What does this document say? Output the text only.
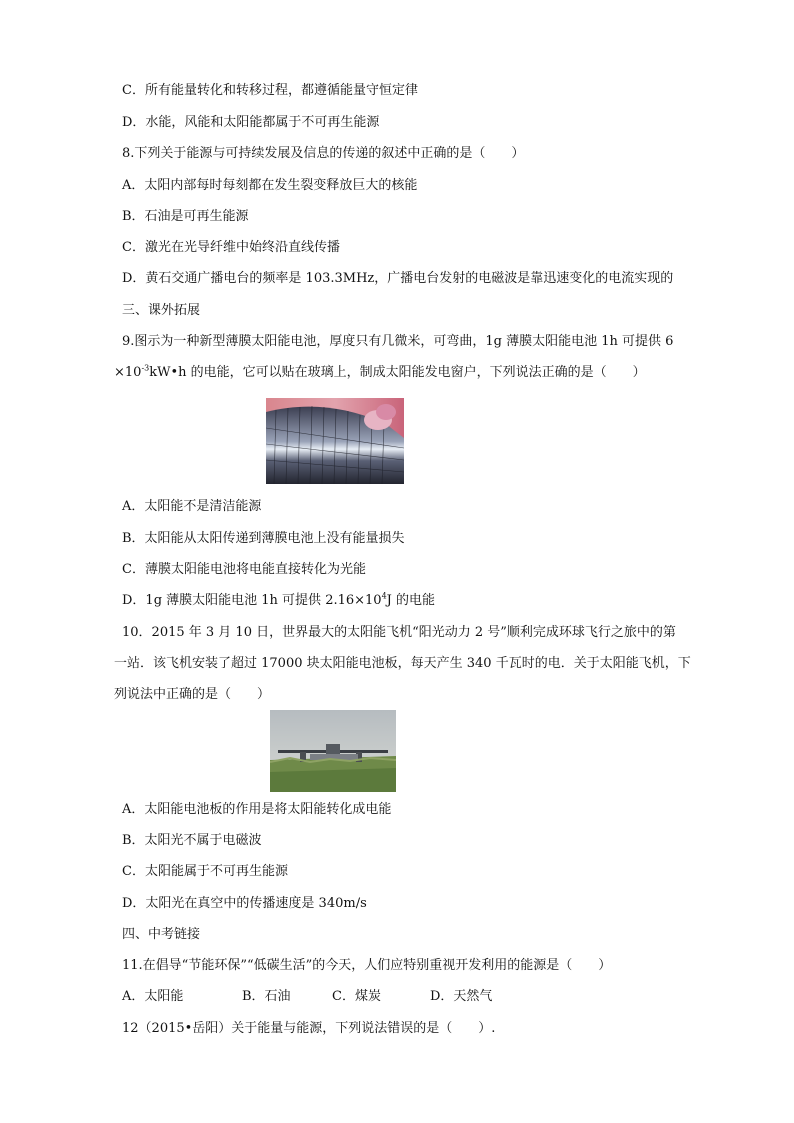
C．所有能量转化和转移过程，都遵循能量守恒定律
D．水能，风能和太阳能都属于不可再生能源
8.下列关于能源与可持续发展及信息的传递的叙述中正确的是（　　）
A．太阳内部每时每刻都在发生裂变释放巨大的核能
B．石油是可再生能源
C．激光在光导纤维中始终沿直线传播
D．黄石交通广播电台的频率是 103.3MHz，广播电台发射的电磁波是靠迅速变化的电流实现的
三、课外拓展
9.图示为一种新型薄膜太阳能电池，厚度只有几微米，可弯曲，1g 薄膜太阳能电池 1h 可提供 6
$\times 10^{-3}kW•h$ 的电能，它可以贴在玻璃上，制成太阳能发电窗户，下列说法正确的是（　　）
A．太阳能不是清洁能源
B．太阳能从太阳传递到薄膜电池上没有能量损失
C．薄膜太阳能电池将电能直接转化为光能
D．1g 薄膜太阳能电池 1h 可提供 $2.16\times 10^4J$ 的电能
10．2015 年 3 月 10 日，世界最大的太阳能飞机“阳光动力 2 号”顺利完成环球飞行之旅中的第
一站．该飞机安装了超过 17000 块太阳能电池板，每天产生 340 千瓦时的电．关于太阳能飞机，下
列说法中正确的是（　　）
A．太阳能电池板的作用是将太阳能转化成电能
B．太阳光不属于电磁波
C．太阳能属于不可再生能源
D．太阳光在真空中的传播速度是 340m/s
四、中考链接
11.在倡导“节能环保”“低碳生活”的今天，人们应特别重视开发利用的能源是（　　）
A．太阳能	B．石油	C．煤炭	D．天然气
12（2015•岳阳）关于能量与能源，下列说法错误的是（　　）.
